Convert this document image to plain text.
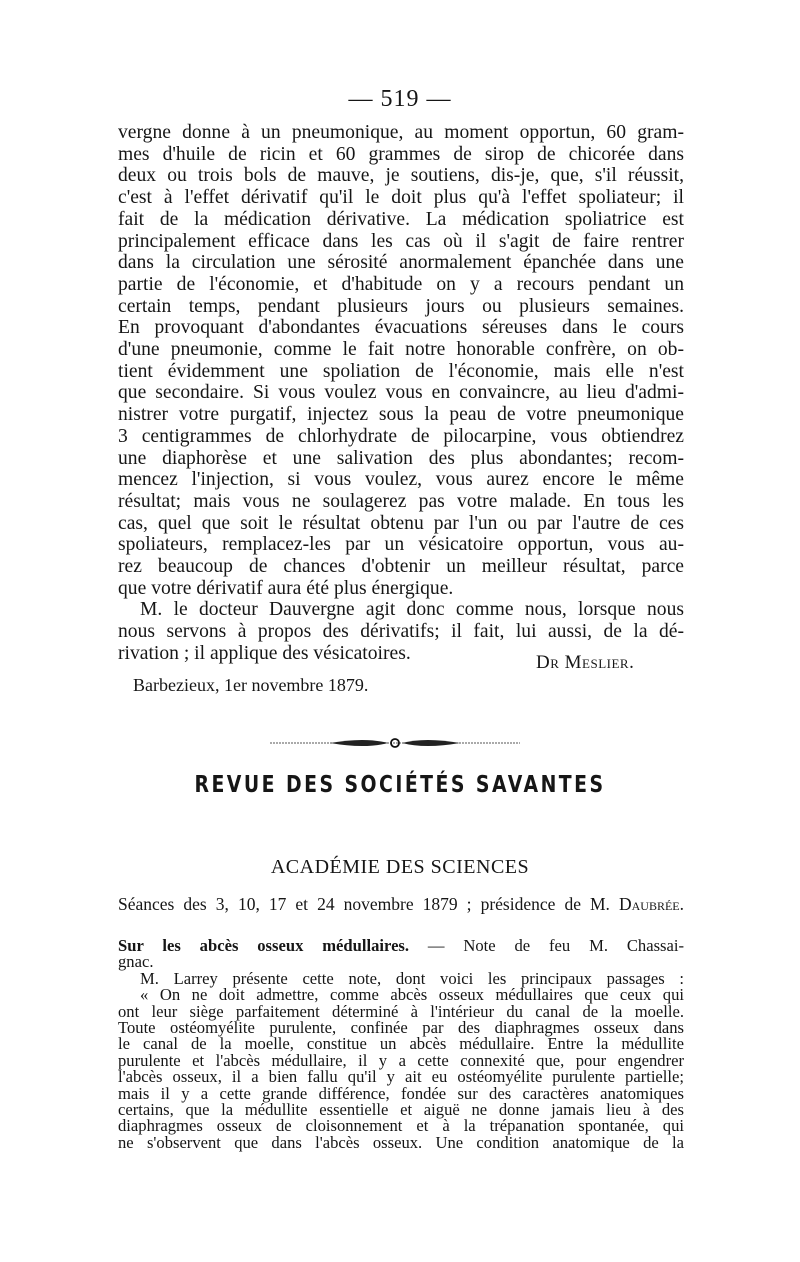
— 519 —
vergne donne à un pneumonique, au moment opportun, 60 gram-
mes d'huile de ricin et 60 grammes de sirop de chicorée dans
deux ou trois bols de mauve, je soutiens, dis-je, que, s'il réussit,
c'est à l'effet dérivatif qu'il le doit plus qu'à l'effet spoliateur; il
fait de la médication dérivative. La médication spoliatrice est
principalement efficace dans les cas où il s'agit de faire rentrer
dans la circulation une sérosité anormalement épanchée dans une
partie de l'économie, et d'habitude on y a recours pendant un
certain temps, pendant plusieurs jours ou plusieurs semaines.
En provoquant d'abondantes évacuations séreuses dans le cours
d'une pneumonie, comme le fait notre honorable confrère, on ob-
tient évidemment une spoliation de l'économie, mais elle n'est
que secondaire. Si vous voulez vous en convaincre, au lieu d'admi-
nistrer votre purgatif, injectez sous la peau de votre pneumonique
3 centigrammes de chlorhydrate de pilocarpine, vous obtiendrez
une diaphorèse et une salivation des plus abondantes; recom-
mencez l'injection, si vous voulez, vous aurez encore le même
résultat; mais vous ne soulagerez pas votre malade. En tous les
cas, quel que soit le résultat obtenu par l'un ou par l'autre de ces
spoliateurs, remplacez-les par un vésicatoire opportun, vous au-
rez beaucoup de chances d'obtenir un meilleur résultat, parce
que votre dérivatif aura été plus énergique.
M. le docteur Dauvergne agit donc comme nous, lorsque nous
nous servons à propos des dérivatifs; il fait, lui aussi, de la dé-
rivation ; il applique des vésicatoires.	Dr Meslier.
Barbezieux, 1er novembre 1879.
REVUE DES SOCIÉTÉS SAVANTES
ACADÉMIE DES SCIENCES
Séances des 3, 10, 17 et 24 novembre 1879 ; présidence de M. Daubrée.
Sur les abcès osseux médullaires. — Note de feu M. Chassai-
gnac.
M. Larrey présente cette note, dont voici les principaux passages :
« On ne doit admettre, comme abcès osseux médullaires que ceux qui
ont leur siège parfaitement déterminé à l'intérieur du canal de la moelle.
Toute ostéomyélite purulente, confinée par des diaphragmes osseux dans
le canal de la moelle, constitue un abcès médullaire. Entre la médullite
purulente et l'abcès médullaire, il y a cette connexité que, pour engendrer
l'abcès osseux, il a bien fallu qu'il y ait eu ostéomyélite purulente partielle;
mais il y a cette grande différence, fondée sur des caractères anatomiques
certains, que la médullite essentielle et aiguë ne donne jamais lieu à des
diaphragmes osseux de cloisonnement et à la trépanation spontanée, qui
ne s'observent que dans l'abcès osseux. Une condition anatomique de la
